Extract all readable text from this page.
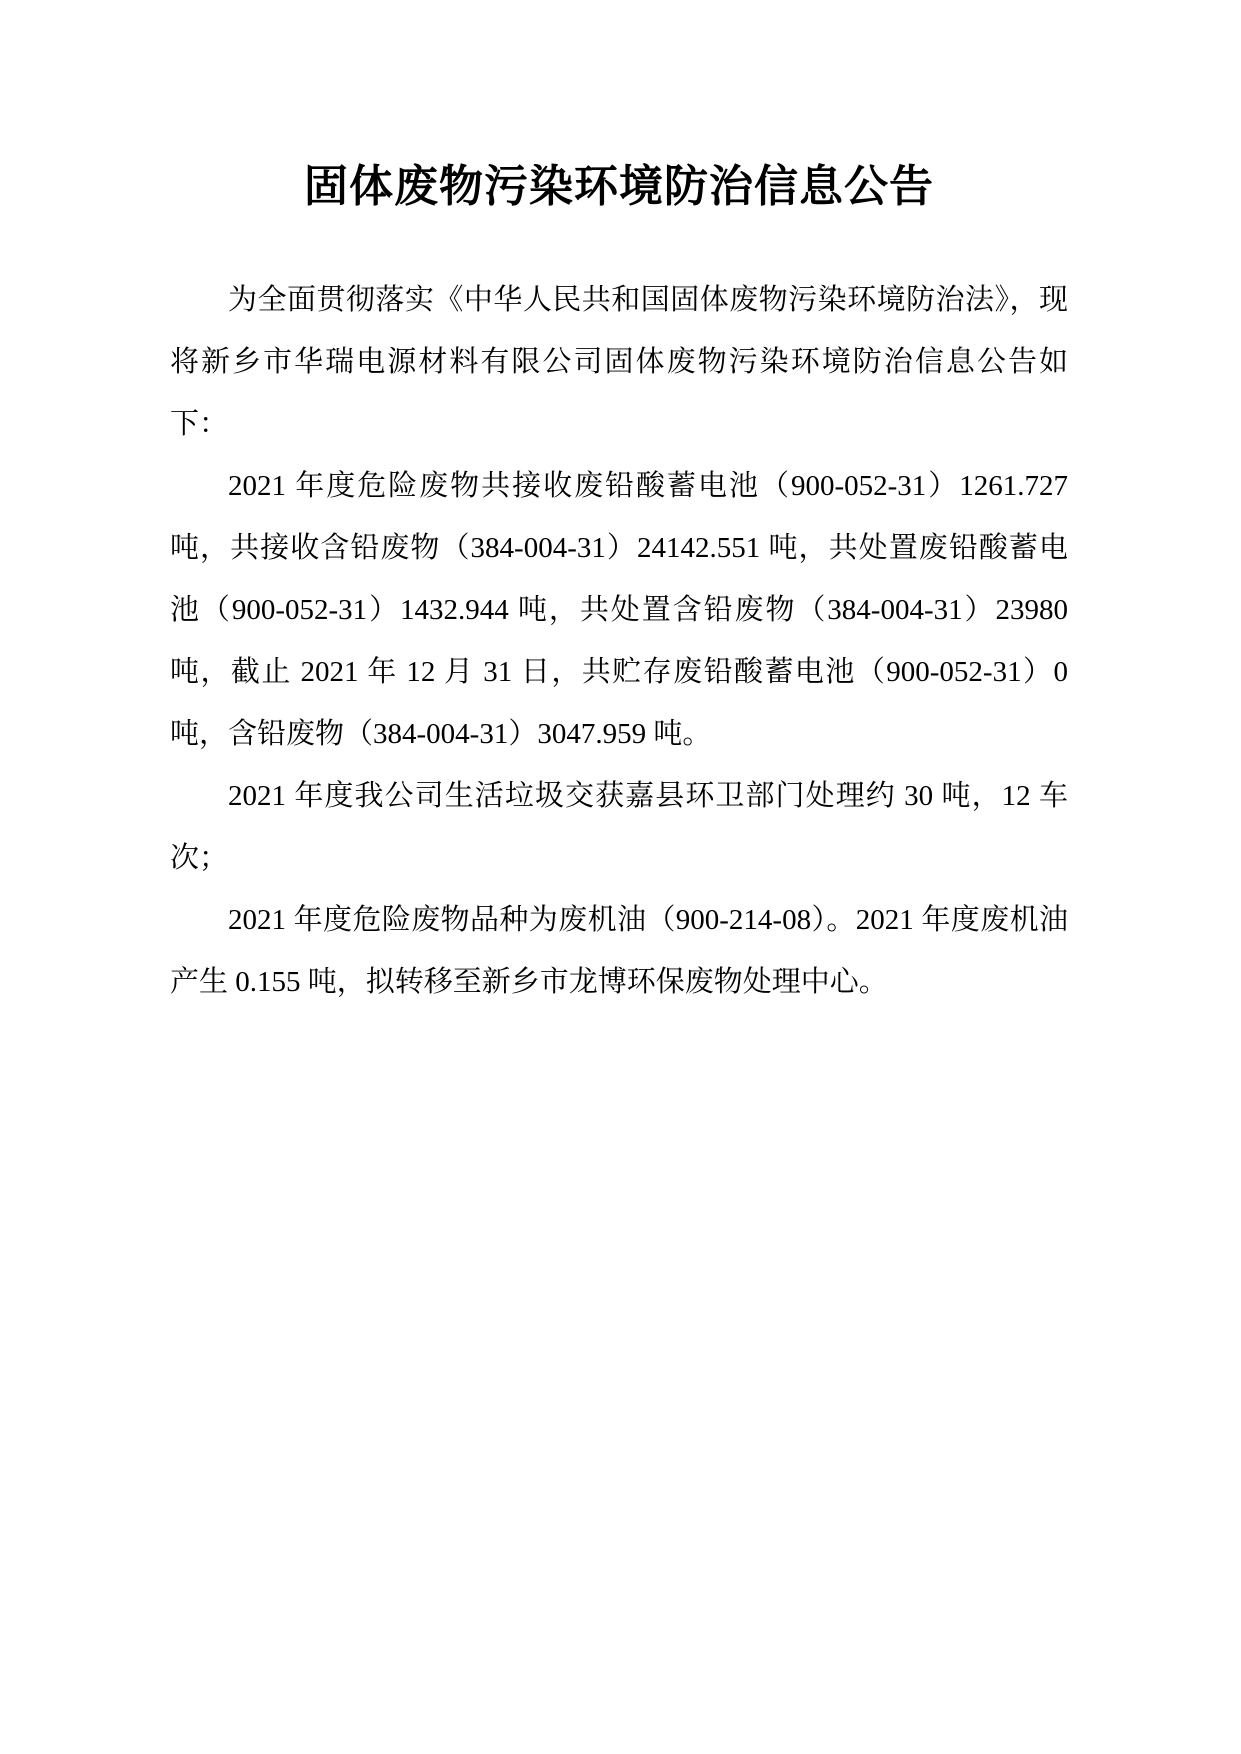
固体废物污染环境防治信息公告

为全面贯彻落实《中华人民共和国固体废物污染环境防治法》，现将新乡市华瑞电源材料有限公司固体废物污染环境防治信息公告如下：

2021 年度危险废物共接收废铅酸蓄电池（900-052-31）1261.727 吨，共接收含铅废物（384-004-31）24142.551 吨，共处置废铅酸蓄电池（900-052-31）1432.944 吨，共处置含铅废物（384-004-31）23980 吨，截止 2021 年 12 月 31 日，共贮存废铅酸蓄电池（900-052-31）0 吨，含铅废物（384-004-31）3047.959 吨。

2021 年度我公司生活垃圾交获嘉县环卫部门处理约 30 吨，12 车次；

2021 年度危险废物品种为废机油（900-214-08）。2021 年度废机油产生 0.155 吨，拟转移至新乡市龙博环保废物处理中心。
